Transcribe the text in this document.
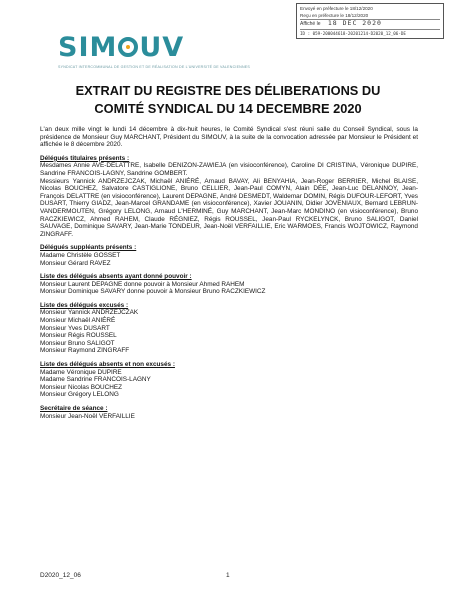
Envoyé en préfecture le 18/12/2020
Reçu en préfecture le 18/12/2020
Affiché le 18 DEC 2020
ID : 059-200044618-20201214-D2020_12_06-DE
SIM UV
SYNDICAT INTERCOMMUNAL DE GESTION ET DE RÉALISATION DE L'UNIVERSITÉ DE VALENCIENNES
EXTRAIT DU REGISTRE DES DÉLIBERATIONS DU
COMITÉ SYNDICAL DU 14 DECEMBRE 2020
L'an deux mille vingt le lundi 14 décembre à dix-huit heures, le Comité Syndical s'est réuni salle du Conseil Syndical, sous la présidence de Monsieur Guy MARCHANT, Président du SIMOUV, à la suite de la convocation adressée par Monsieur le Président et affichée le 8 décembre 2020.
Délégués titulaires présents :
Mesdames Annie AVÉ-DELATTRE, Isabelle DENIZON-ZAWIEJA (en visioconférence), Caroline DI CRISTINA, Véronique DUPIRE, Sandrine FRANCOIS-LAGNY, Sandrine GOMBERT.
Messieurs Yannick ANDRZEJCZAK, Michaël ANIÉRÉ, Arnaud BAVAY, Ali BENYAHIA, Jean-Roger BERRIER, Michel BLAISE, Nicolas BOUCHEZ, Salvatore CASTIGLIONE, Bruno CELLIER, Jean-Paul COMYN, Alain DÉE, Jean-Luc DELANNOY, Jean-François DELATTRE (en visioconférence), Laurent DEPAGNE, André DESMEDT, Waldemar DOMIN, Régis DUFOUR-LEFORT, Yves DUSART, Thierry GIADZ, Jean-Marcel GRANDAME (en visioconférence), Xavier JOUANIN, Didier JOVENIAUX, Bernard LEBRUN-VANDERMOUTEN, Grégory LELONG, Arnaud L'HERMINÉ, Guy MARCHANT, Jean-Marc MONDINO (en visioconférence), Bruno RACZKIEWICZ, Ahmed RAHEM, Claude RÉGNIEZ, Régis ROUSSEL, Jean-Paul RYCKELYNCK, Bruno SALIGOT, Daniel SAUVAGE, Dominique SAVARY, Jean-Marie TONDEUR, Jean-Noël VERFAILLIE, Eric WARMOES, Francis WOJTOWICZ, Raymond ZINGRAFF.
Délégués suppléants présents :
Madame Christèle GOSSET
Monsieur Gérard RAVEZ
Liste des délégués absents ayant donné pouvoir :
Monsieur Laurent DEPAGNE donne pouvoir à Monsieur Ahmed RAHEM
Monsieur Dominique SAVARY donne pouvoir à Monsieur Bruno RACZKIEWICZ
Liste des délégués excusés :
Monsieur Yannick ANDRZEJCZAK
Monsieur Michaël ANIÉRÉ
Monsieur Yves DUSART
Monsieur Régis ROUSSEL
Monsieur Bruno SALIGOT
Monsieur Raymond ZINGRAFF
Liste des délégués absents et non excusés :
Madame Véronique DUPIRE
Madame Sandrine FRANCOIS-LAGNY
Monsieur Nicolas BOUCHEZ
Monsieur Grégory LELONG
Secrétaire de séance :
Monsieur Jean-Noël VERFAILLIE
D2020_12_06	1
